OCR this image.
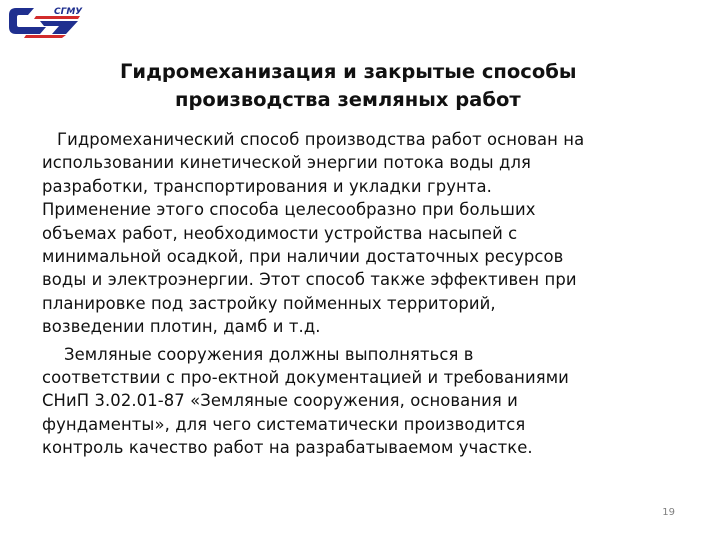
СГМУ
Гидромеханизация и закрытые способы
производства земляных работ
Гидромеханический способ производства работ основан на
использовании кинетической энергии потока воды для
разработки, транспортирования и укладки грунта.
Применение этого способа целесообразно при больших
объемах работ, необходимости устройства насыпей с
минимальной осадкой, при наличии достаточных ресурсов
воды и электроэнергии. Этот способ также эффективен при
планировке под застройку пойменных территорий,
возведении плотин, дамб и т.д.
Земляные сооружения должны выполняться в
соответствии с про-ектной документацией и требованиями
СНиП 3.02.01-87 «Земляные сооружения, основания и
фундаменты», для чего систематически производится
контроль качество работ на разрабатываемом участке.
19
